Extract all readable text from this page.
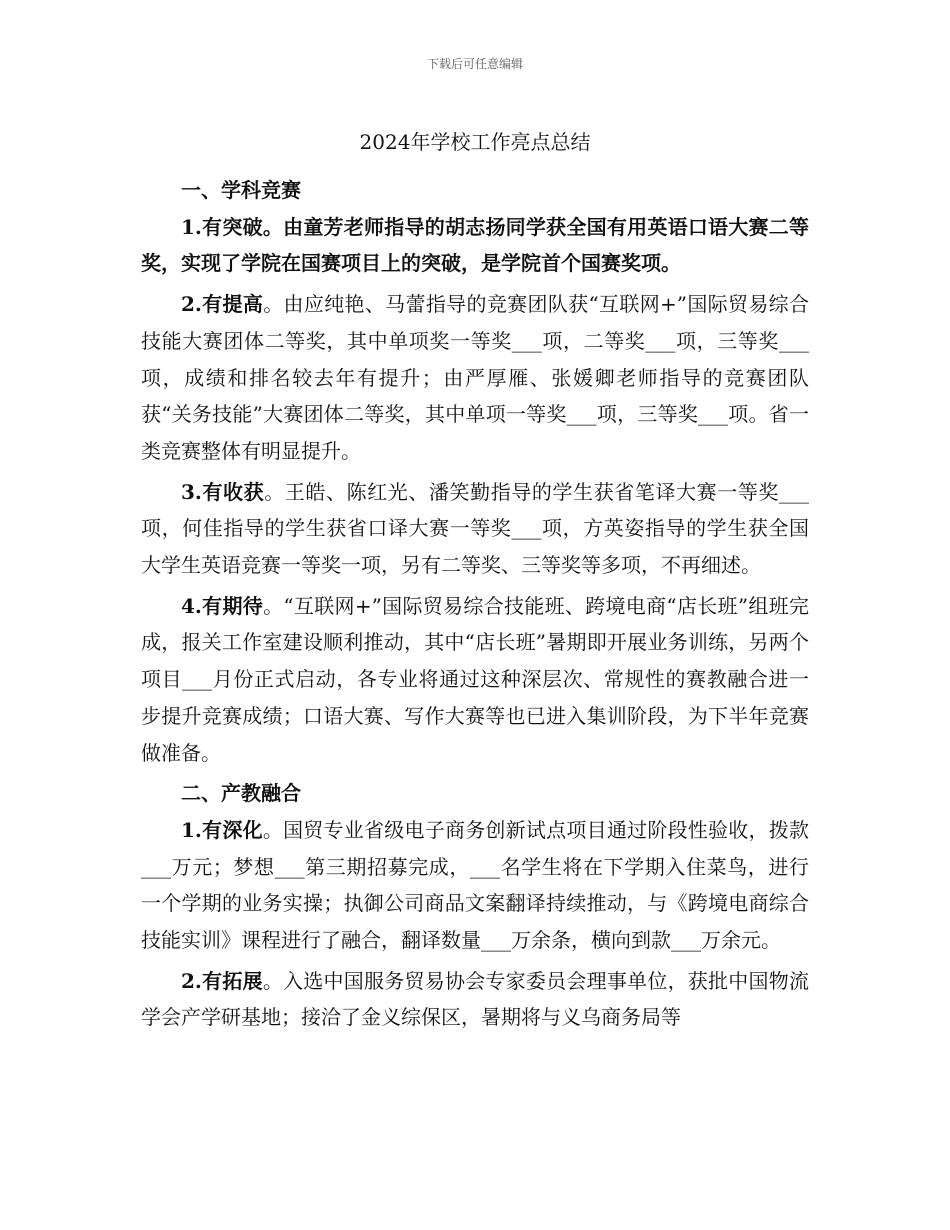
下载后可任意编辑
2024年学校工作亮点总结

一、学科竞赛

1.有突破。由童芳老师指导的胡志扬同学获全国有用英语口语大赛二等奖，实现了学院在国赛项目上的突破，是学院首个国赛奖项。

2.有提高。由应纯艳、马蕾指导的竞赛团队获“互联网+”国际贸易综合技能大赛团体二等奖，其中单项奖一等奖___项，二等奖___项，三等奖___项，成绩和排名较去年有提升；由严厚雁、张媛卿老师指导的竞赛团队获“关务技能”大赛团体二等奖，其中单项一等奖___项，三等奖___项。省一类竞赛整体有明显提升。

3.有收获。王皓、陈红光、潘笑勤指导的学生获省笔译大赛一等奖___项，何佳指导的学生获省口译大赛一等奖___项，方英姿指导的学生获全国大学生英语竞赛一等奖一项，另有二等奖、三等奖等多项，不再细述。

4.有期待。“互联网+”国际贸易综合技能班、跨境电商“店长班”组班完成，报关工作室建设顺利推动，其中“店长班”暑期即开展业务训练，另两个项目___月份正式启动，各专业将通过这种深层次、常规性的赛教融合进一步提升竞赛成绩；口语大赛、写作大赛等也已进入集训阶段，为下半年竞赛做准备。

二、产教融合

1.有深化。国贸专业省级电子商务创新试点项目通过阶段性验收，拨款___万元；梦想___第三期招募完成，___名学生将在下学期入住菜鸟，进行一个学期的业务实操；执御公司商品文案翻译持续推动，与《跨境电商综合技能实训》课程进行了融合，翻译数量___万余条，横向到款___万余元。

2.有拓展。入选中国服务贸易协会专家委员会理事单位，获批中国物流学会产学研基地；接洽了金义综保区，暑期将与义乌商务局等
